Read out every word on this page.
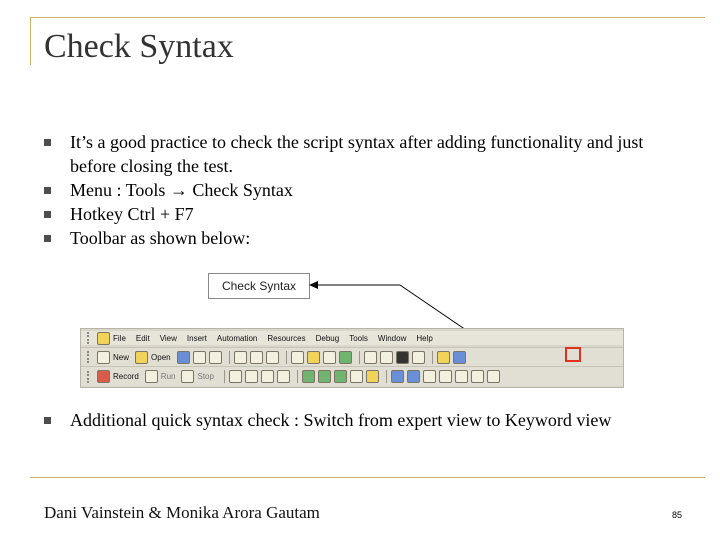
Check Syntax
It’s a good practice to check the script syntax after adding functionality and just before closing the test.
Menu : Tools → Check Syntax
Hotkey Ctrl + F7
Toolbar as shown below:
Check Syntax
File Edit View Insert Automation Resources Debug Tools Window Help
New	Open
Record	Run	Stop
Additional quick syntax check : Switch from expert view to Keyword view
Dani Vainstein & Monika Arora Gautam	85
